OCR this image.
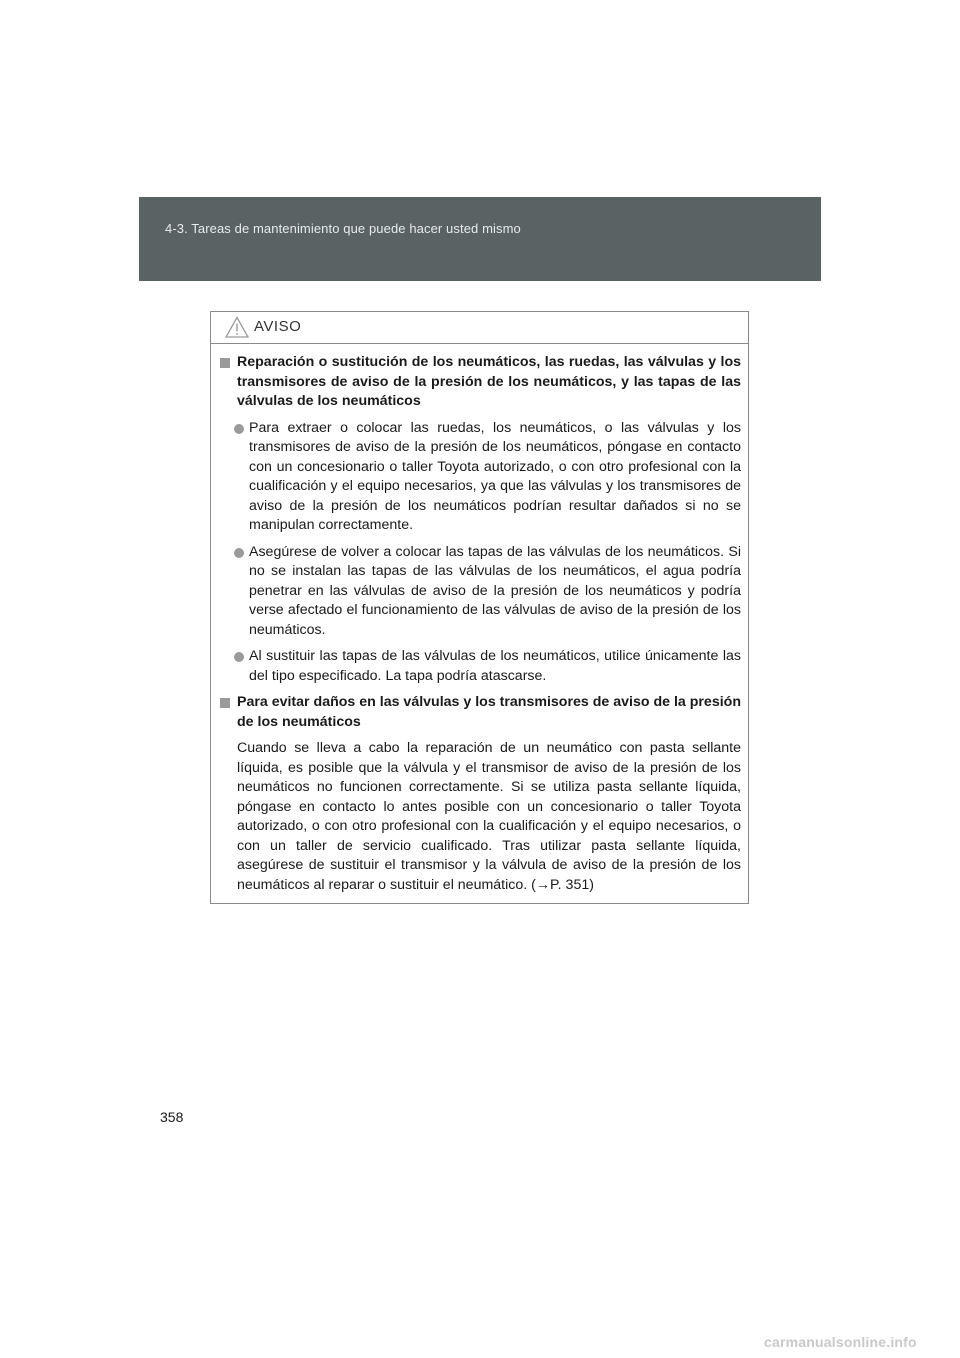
4-3. Tareas de mantenimiento que puede hacer usted mismo
AVISO
Reparación o sustitución de los neumáticos, las ruedas, las válvulas y los transmisores de aviso de la presión de los neumáticos, y las tapas de las válvulas de los neumáticos
Para extraer o colocar las ruedas, los neumáticos, o las válvulas y los transmisores de aviso de la presión de los neumáticos, póngase en contacto con un concesionario o taller Toyota autorizado, o con otro profesional con la cualificación y el equipo necesarios, ya que las válvulas y los transmisores de aviso de la presión de los neumáticos podrían resultar dañados si no se manipulan correctamente.
Asegúrese de volver a colocar las tapas de las válvulas de los neumáticos. Si no se instalan las tapas de las válvulas de los neumáticos, el agua podría penetrar en las válvulas de aviso de la presión de los neumáticos y podría verse afectado el funcionamiento de las válvulas de aviso de la presión de los neumáticos.
Al sustituir las tapas de las válvulas de los neumáticos, utilice únicamente las del tipo especificado. La tapa podría atascarse.
Para evitar daños en las válvulas y los transmisores de aviso de la presión de los neumáticos
Cuando se lleva a cabo la reparación de un neumático con pasta sellante líquida, es posible que la válvula y el transmisor de aviso de la presión de los neumáticos no funcionen correctamente. Si se utiliza pasta sellante líquida, póngase en contacto lo antes posible con un concesionario o taller Toyota autorizado, o con otro profesional con la cualificación y el equipo necesarios, o con un taller de servicio cualificado. Tras utilizar pasta sellante líquida, asegúrese de sustituir el transmisor y la válvula de aviso de la presión de los neumáticos al reparar o sustituir el neumático. (→P. 351)
358
carmanualsonline.info
